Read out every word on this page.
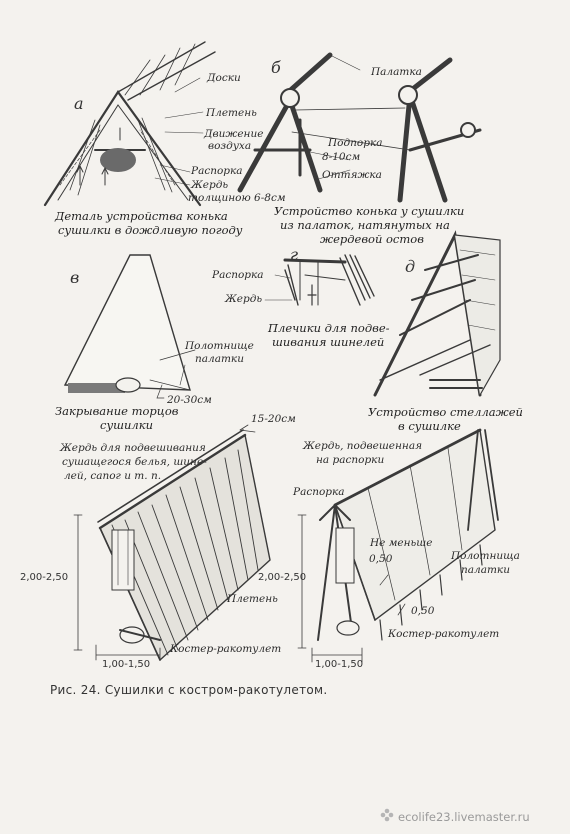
а
б
в
г
д
Доски
Плетень
Движение
воздуха
Распорка
Жердь
толщиною 6-8см
Деталь устройства конька
сушилки в дождливую погоду
Палатка
Подпорка
8-10см
Оттяжка
Устройство конька у сушилки
из палаток, натянутых на
жердевой остов
Полотнище
палатки
20-30см
Закрывание торцов
сушилки
Распорка
Жердь
Плечики для подве-
шивания шинелей
Устройство стеллажей
в сушилке
15-20см
Жердь для подвешивания
сушащегося белья, шине-
лей, сапог и т. п.
2,00-2,50
Плетень
Костер-ракотулет
1,00-1,50
Жердь, подвешенная
на распорки
Распорка
Не меньше
0,50	Полотнища
палатки
0,50
Костер-ракотулет
2,00-2,50
1,00-1,50
Рис. 24. Сушилки с костром-ракотулетом.
ecolife23.livemaster.ru
